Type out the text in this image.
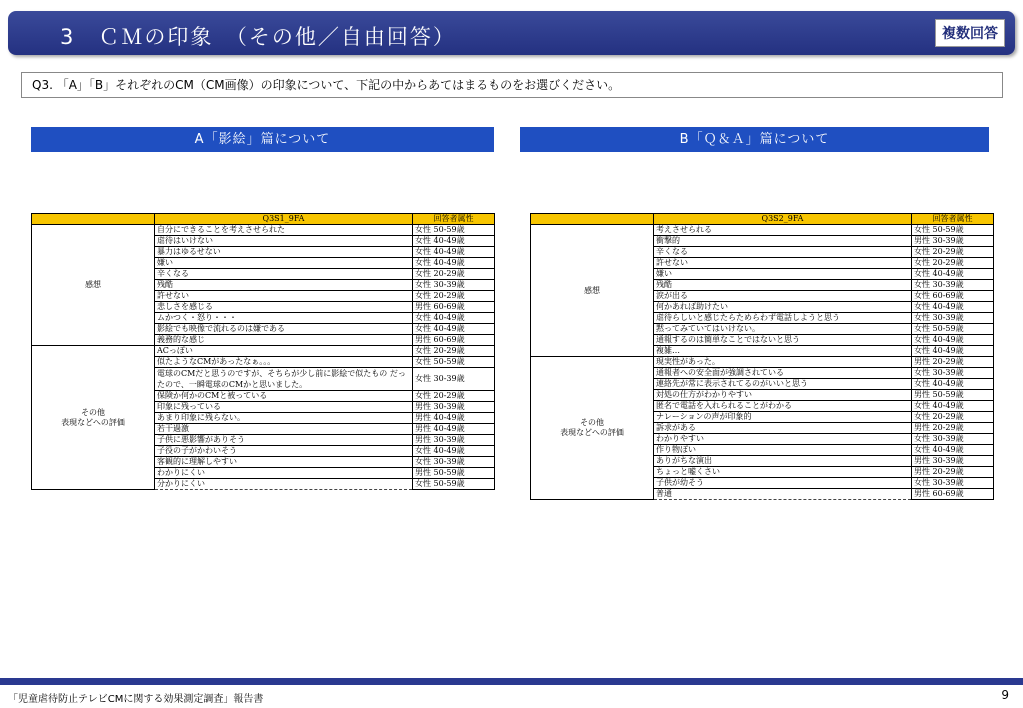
3　ＣＭの印象　（その他／自由回答）	複数回答
Q3. 「A」「B」それぞれのCM（CM画像）の印象について、下記の中からあてはまるものをお選びください。
A「影絵」篇について	B「Ｑ＆Ａ」篇について
	Q3S1_9FA	回答者属性
感想	自分にできることを考えさせられた	女性 50-59歳
	虐待はいけない	女性 40-49歳
	暴力はゆるせない	女性 40-49歳
	嫌い	女性 40-49歳
	辛くなる	女性 20-29歳
	残酷	女性 30-39歳
	許せない	女性 20-29歳
	悲しさを感じる	男性 60-69歳
	ムかつく・怒り・・・	女性 40-49歳
	影絵でも映像で流れるのは嫌である	女性 40-49歳
	義務的な感じ	男性 60-69歳
その他
表現などへの評価	ACっぽい	女性 20-29歳
	似たようなCMがあったなぁ。。。	女性 50-59歳
	電球のCMだと思うのですが、そちらが少し前に影絵で似たもの だったので、一瞬電球のCMかと思いました。	女性 30-39歳
	保険か何かのCMと被っている	女性 20-29歳
	印象に残っている	男性 30-39歳
	あまり印象に残らない。	男性 40-49歳
	若干過激	男性 40-49歳
	子供に悪影響がありそう	男性 30-39歳
	子役の子がかわいそう	女性 40-49歳
	客観的に理解しやすい	女性 30-39歳
	わかりにくい	男性 50-59歳
	分かりにくい	女性 50-59歳
	Q3S2_9FA	回答者属性
感想	考えさせられる	女性 50-59歳
	衝撃的	男性 30-39歳
	辛くなる	女性 20-29歳
	許せない	女性 20-29歳
	嫌い	女性 40-49歳
	残酷	女性 30-39歳
	涙が出る	女性 60-69歳
	何かあれば助けたい	女性 40-49歳
	虐待らしいと感じたらためらわず電話しようと思う	女性 30-39歳
	黙ってみていてはいけない。	女性 50-59歳
	通報するのは簡単なことではないと思う	女性 40-49歳
	複雑…	女性 40-49歳
その他
表現などへの評価	現実性があった。	男性 20-29歳
	通報者への安全面が強調されている	女性 30-39歳
	連絡先が常に表示されてるのがいいと思う	女性 40-49歳
	対処の仕方がわかりやすい	男性 50-59歳
	匿名で電話を入れられることがわかる	女性 40-49歳
	ナレーションの声が印象的	女性 20-29歳
	訴求がある	男性 20-29歳
	わかりやすい	女性 30-39歳
	作り物ぽい	女性 40-49歳
	ありがちな演出	男性 30-39歳
	ちょっと嘘くさい	男性 20-29歳
	子供が幼そう	女性 30-39歳
	普通	男性 60-69歳
「児童虐待防止テレビCMに関する効果測定調査」報告書	9
